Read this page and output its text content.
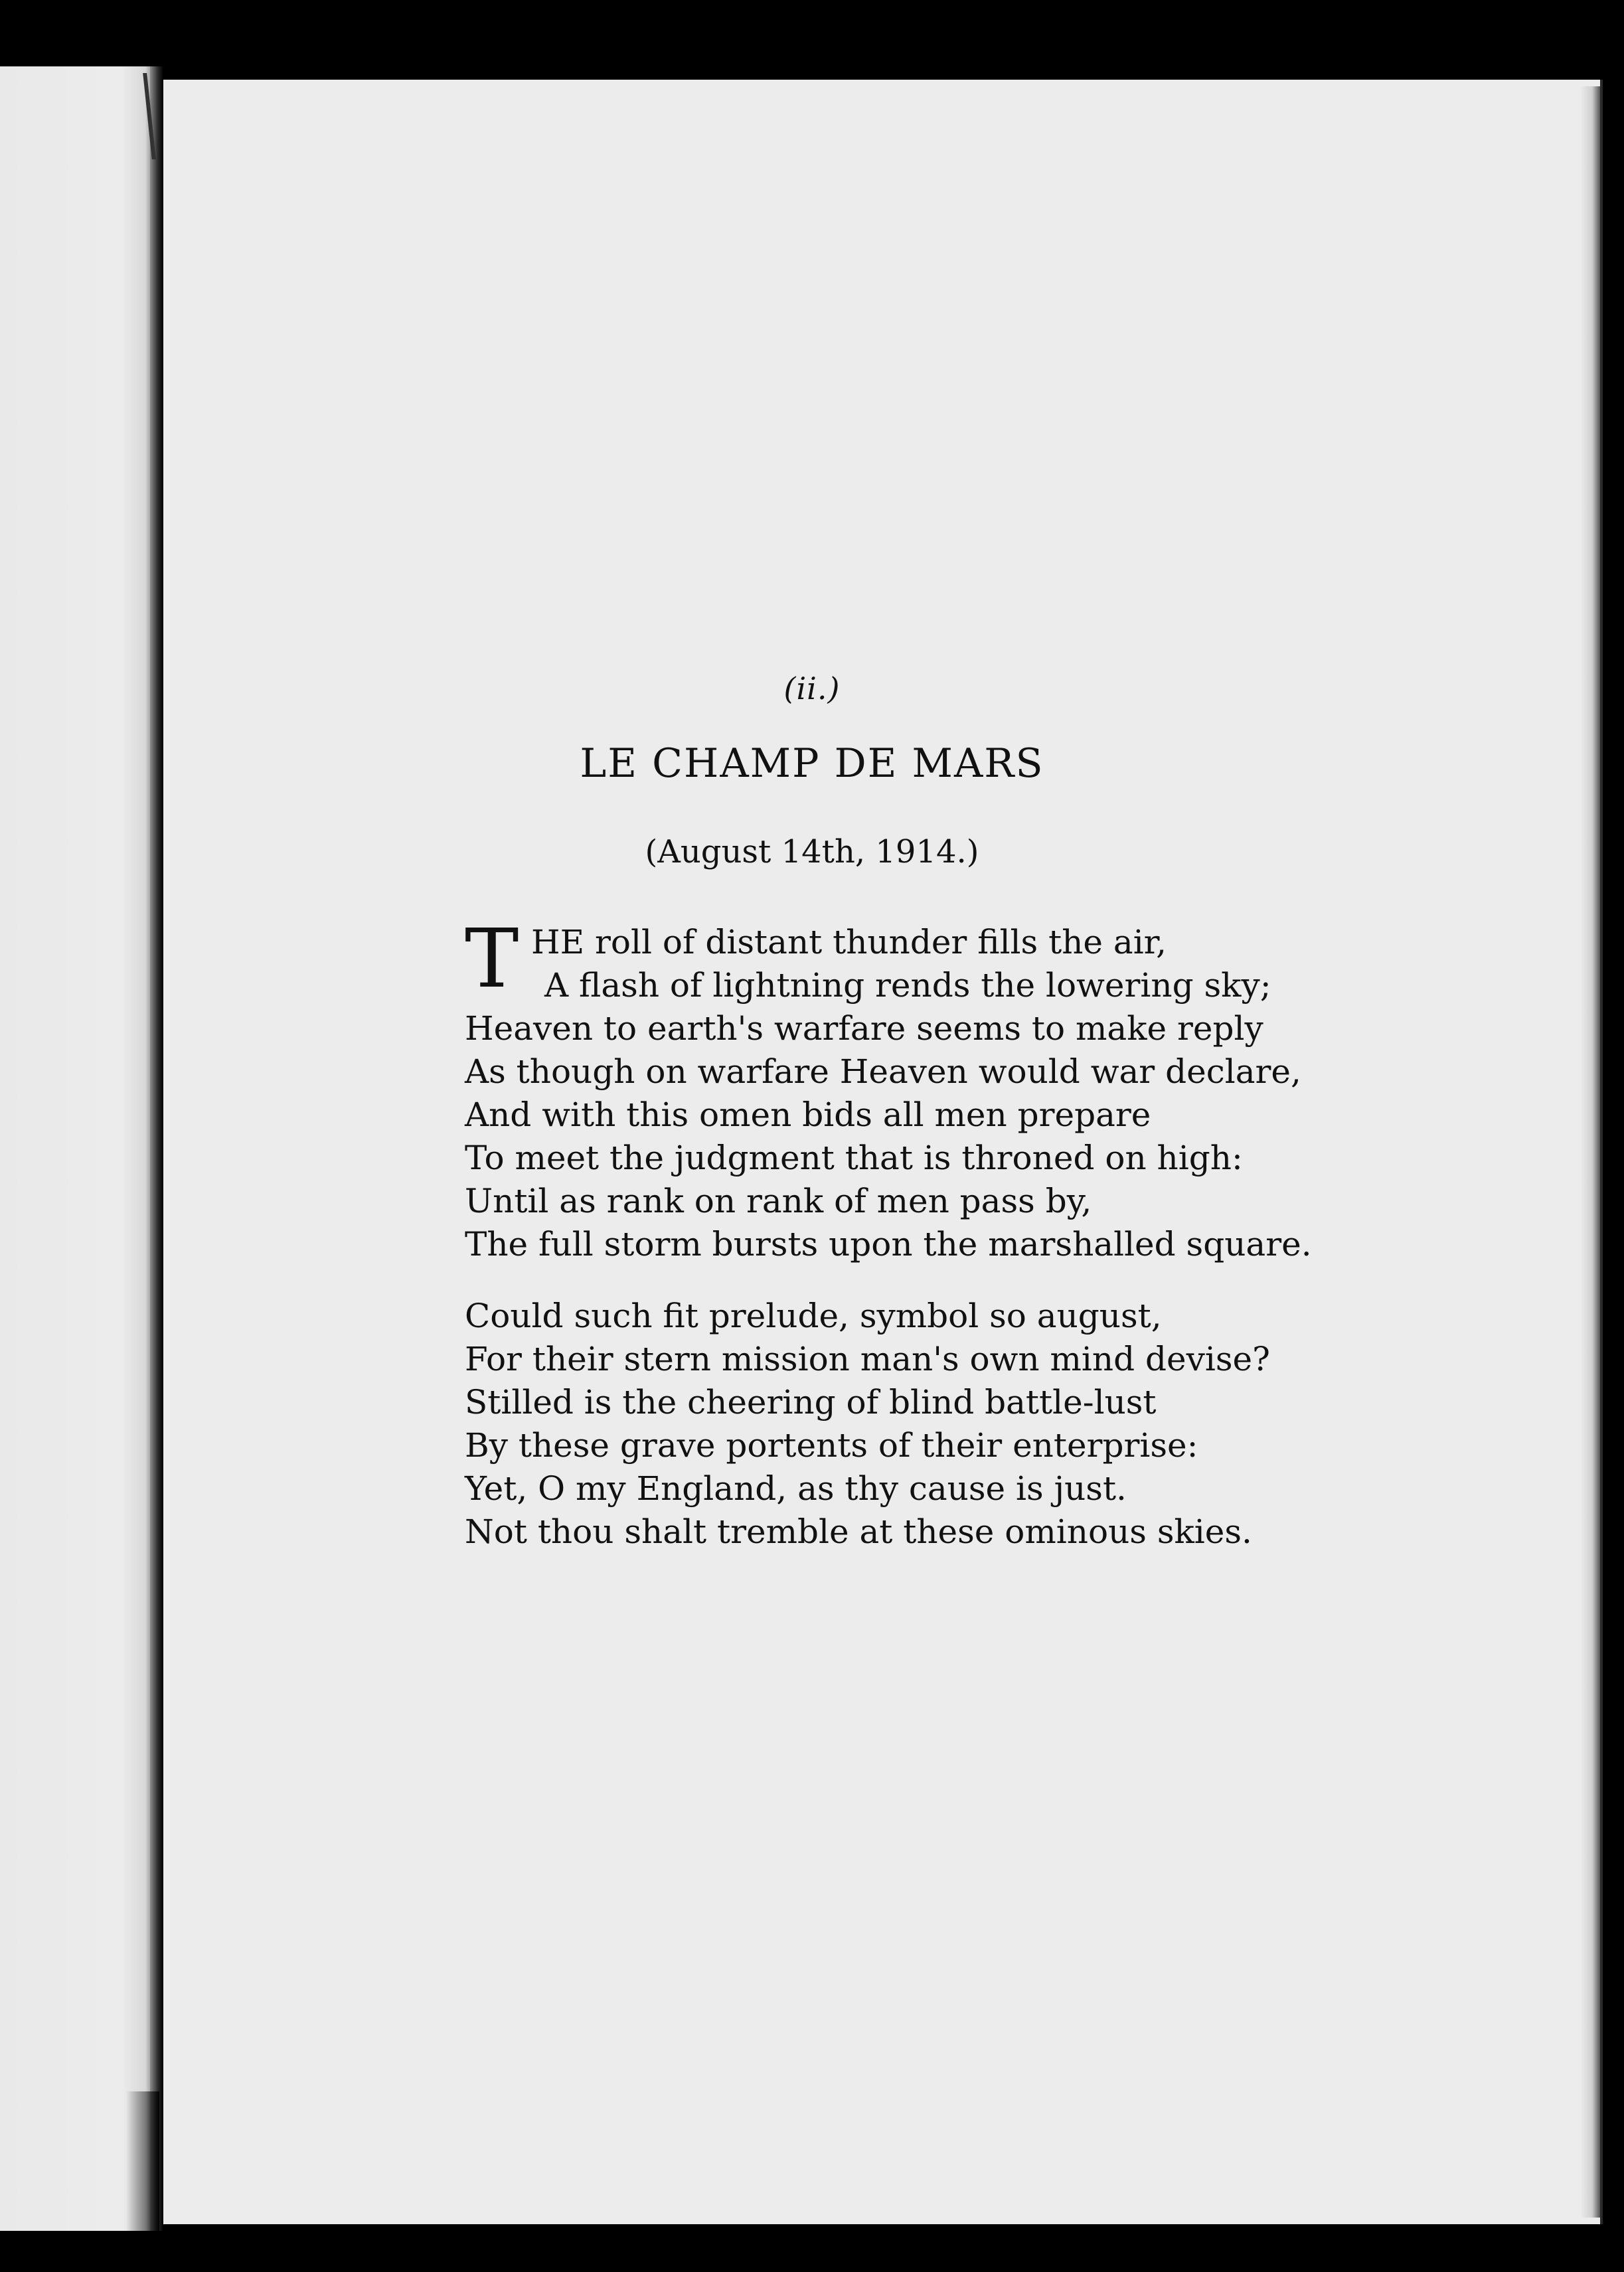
(ii.)
LE CHAMP DE MARS
(August 14th, 1914.)
T HE roll of distant thunder fills the air,
A flash of lightning rends the lowering sky;
Heaven to earth's warfare seems to make reply
As though on warfare Heaven would war declare,
And with this omen bids all men prepare
To meet the judgment that is throned on high:
Until as rank on rank of men pass by,
The full storm bursts upon the marshalled square.
Could such fit prelude, symbol so august,
For their stern mission man's own mind devise?
Stilled is the cheering of blind battle-lust
By these grave portents of their enterprise:
Yet, O my England, as thy cause is just.
Not thou shalt tremble at these ominous skies.
